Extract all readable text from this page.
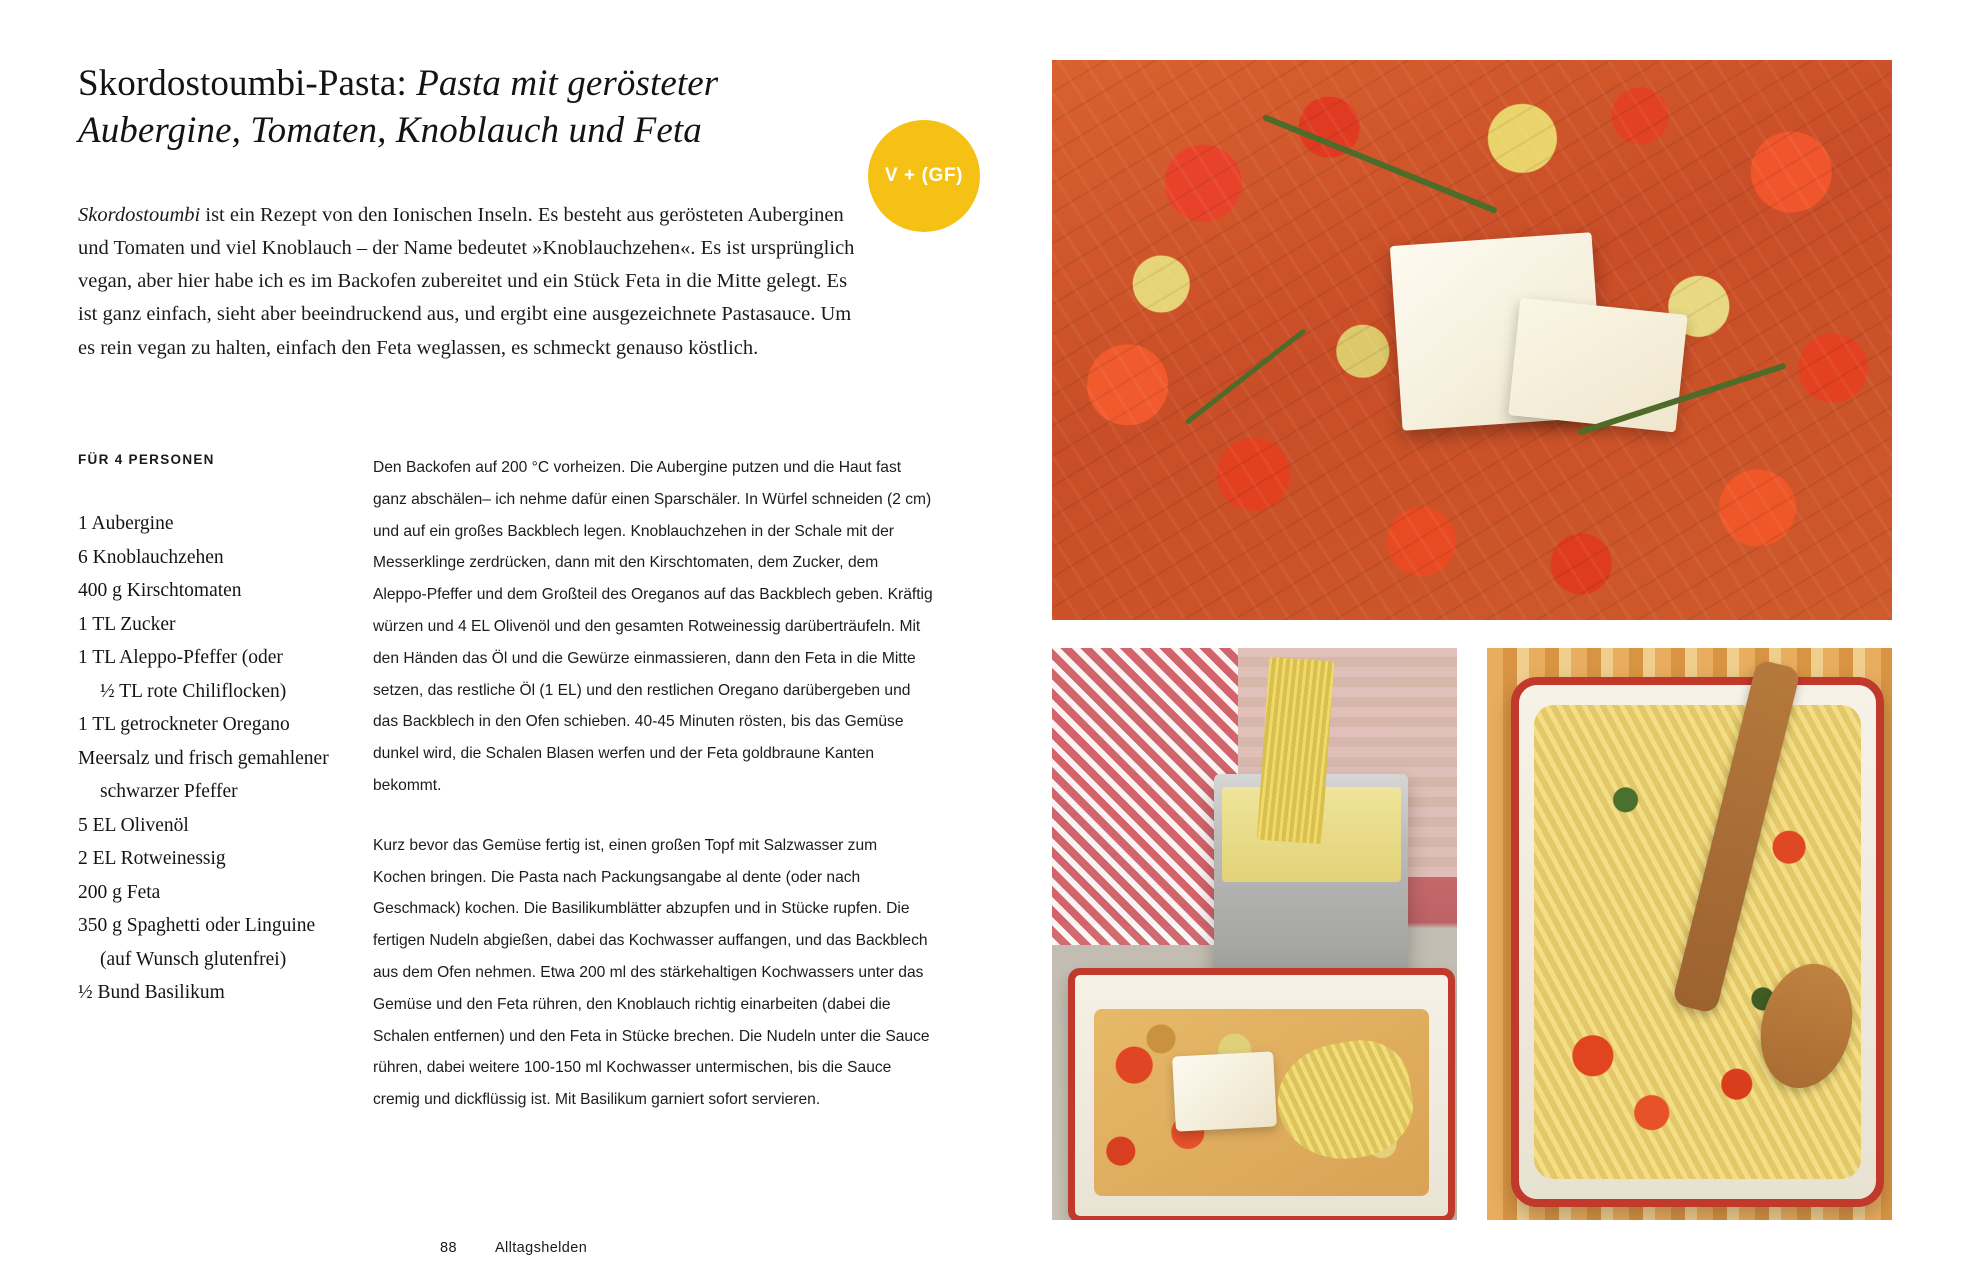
Skordostoumbi-Pasta: Pasta mit gerösteter Aubergine, Tomaten, Knoblauch und Feta
Skordostoumbi ist ein Rezept von den Ionischen Inseln. Es besteht aus gerösteten Auberginen und Tomaten und viel Knoblauch – der Name bedeutet »Knoblauchzehen«. Es ist ursprünglich vegan, aber hier habe ich es im Backofen zubereitet und ein Stück Feta in die Mitte gelegt. Es ist ganz einfach, sieht aber beeindruckend aus, und ergibt eine ausgezeichnete Pastasauce. Um es rein vegan zu halten, einfach den Feta weglassen, es schmeckt genauso köstlich.
FÜR 4 PERSONEN
1 Aubergine
6 Knoblauchzehen
400 g Kirschtomaten
1 TL Zucker
1 TL Aleppo-Pfeffer (oder
½ TL rote Chiliflocken)
1 TL getrockneter Oregano
Meersalz und frisch gemahlener
schwarzer Pfeffer
5 EL Olivenöl
2 EL Rotweinessig
200 g Feta
350 g Spaghetti oder Linguine
(auf Wunsch glutenfrei)
½ Bund Basilikum

Den Backofen auf 200 °C vorheizen. Die Aubergine putzen und die Haut fast ganz abschälen– ich nehme dafür einen Sparschäler. In Würfel schneiden (2 cm) und auf ein großes Backblech legen. Knoblauchzehen in der Schale mit der Messerklinge zerdrücken, dann mit den Kirschtomaten, dem Zucker, dem Aleppo-Pfeffer und dem Großteil des Oreganos auf das Backblech geben. Kräftig würzen und 4 EL Olivenöl und den gesamten Rotweinessig darüberträufeln. Mit den Händen das Öl und die Gewürze einmassieren, dann den Feta in die Mitte setzen, das restliche Öl (1 EL) und den restlichen Oregano darübergeben und das Backblech in den Ofen schieben. 40-45 Minuten rösten, bis das Gemüse dunkel wird, die Schalen Blasen werfen und der Feta goldbraune Kanten bekommt.

Kurz bevor das Gemüse fertig ist, einen großen Topf mit Salzwasser zum Kochen bringen. Die Pasta nach Packungsangabe al dente (oder nach Geschmack) kochen. Die Basilikumblätter abzupfen und in Stücke rupfen. Die fertigen Nudeln abgießen, dabei das Kochwasser auffangen, und das Backblech aus dem Ofen nehmen. Etwa 200 ml des stärkehaltigen Kochwassers unter das Gemüse und den Feta rühren, den Knoblauch richtig einarbeiten (dabei die Schalen entfernen) und den Feta in Stücke brechen. Die Nudeln unter die Sauce rühren, dabei weitere 100-150 ml Kochwasser untermischen, bis die Sauce cremig und dickflüssig ist. Mit Basilikum garniert sofort servieren.

V + (GF)
88	Alltagshelden
